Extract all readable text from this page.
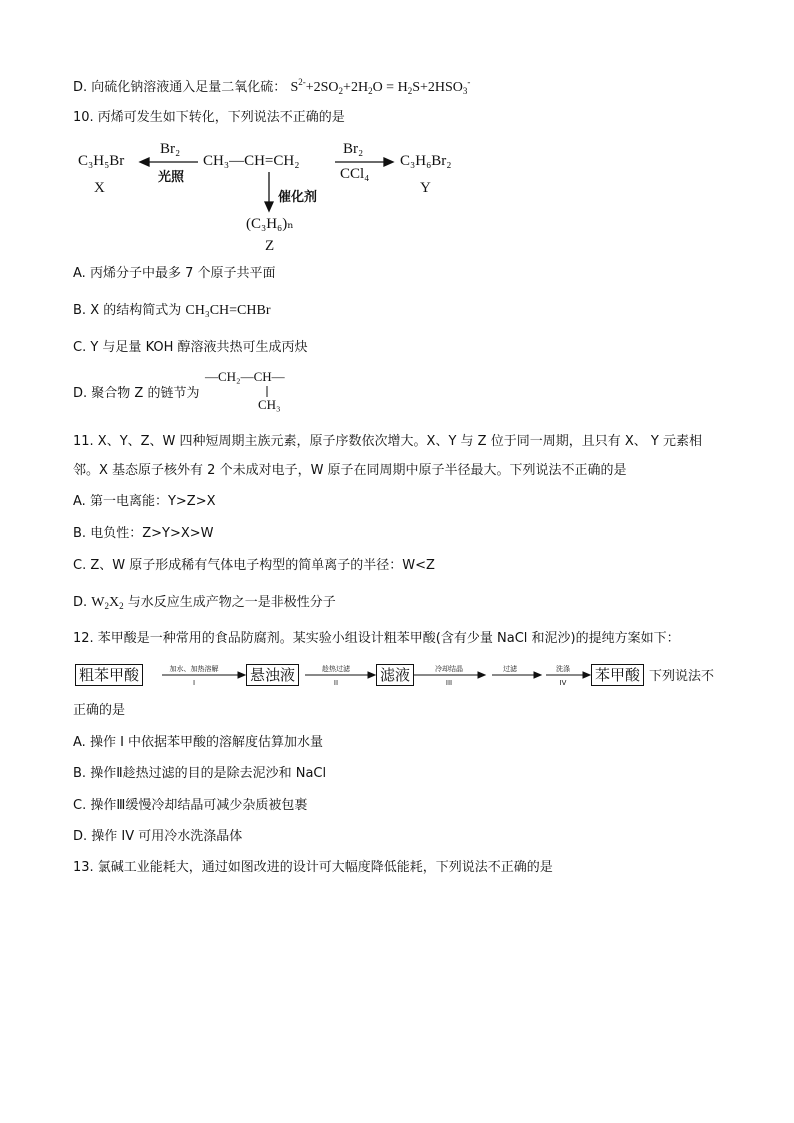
D. 向硫化钠溶液通入足量二氧化硫： $S^{2-}+2SO_2+2H_2O = H_2S+2HSO_3^-$
10. 丙烯可发生如下转化，下列说法不正确的是
C₃H₅Br
X
Br₂
光照
CH₃—CH=CH₂
Br₂
CCl₄
C₃H₆Br₂
Y
催化剂
(C₃H₆)ₙ
Z
A. 丙烯分子中最多 7 个原子共平面
B. X 的结构简式为 CH₃CH=CHBr
C. Y 与足量 KOH 醇溶液共热可生成丙炔
D. 聚合物 Z 的链节为
—CH₂—CH—
CH₃
11. X、Y、Z、W 四种短周期主族元素，原子序数依次增大。X、Y 与 Z 位于同一周期，且只有 X、 Y 元素相
邻。X 基态原子核外有 2 个未成对电子，W 原子在同周期中原子半径最大。下列说法不正确的是
A. 第一电离能：Y>Z>X
B. 电负性：Z>Y>X>W
C. Z、W 原子形成稀有气体电子构型的简单离子的半径：W<Z
D. $W_2X_2$ 与水反应生成产物之一是非极性分子
12. 苯甲酸是一种常用的食品防腐剂。某实验小组设计粗苯甲酸(含有少量 NaCl 和泥沙)的提纯方案如下：
粗苯甲酸	悬浊液	滤液	苯甲酸
加水、加热溶解
I
趁热过滤
II
冷却结晶
III
过滤	洗涤
IV	下列说法不
正确的是
A. 操作 I 中依据苯甲酸的溶解度估算加水量
B. 操作Ⅱ趁热过滤的目的是除去泥沙和 NaCl
C. 操作Ⅲ缓慢冷却结晶可减少杂质被包裹
D. 操作 IV 可用冷水洗涤晶体
13. 氯碱工业能耗大，通过如图改进的设计可大幅度降低能耗，下列说法不正确的是
